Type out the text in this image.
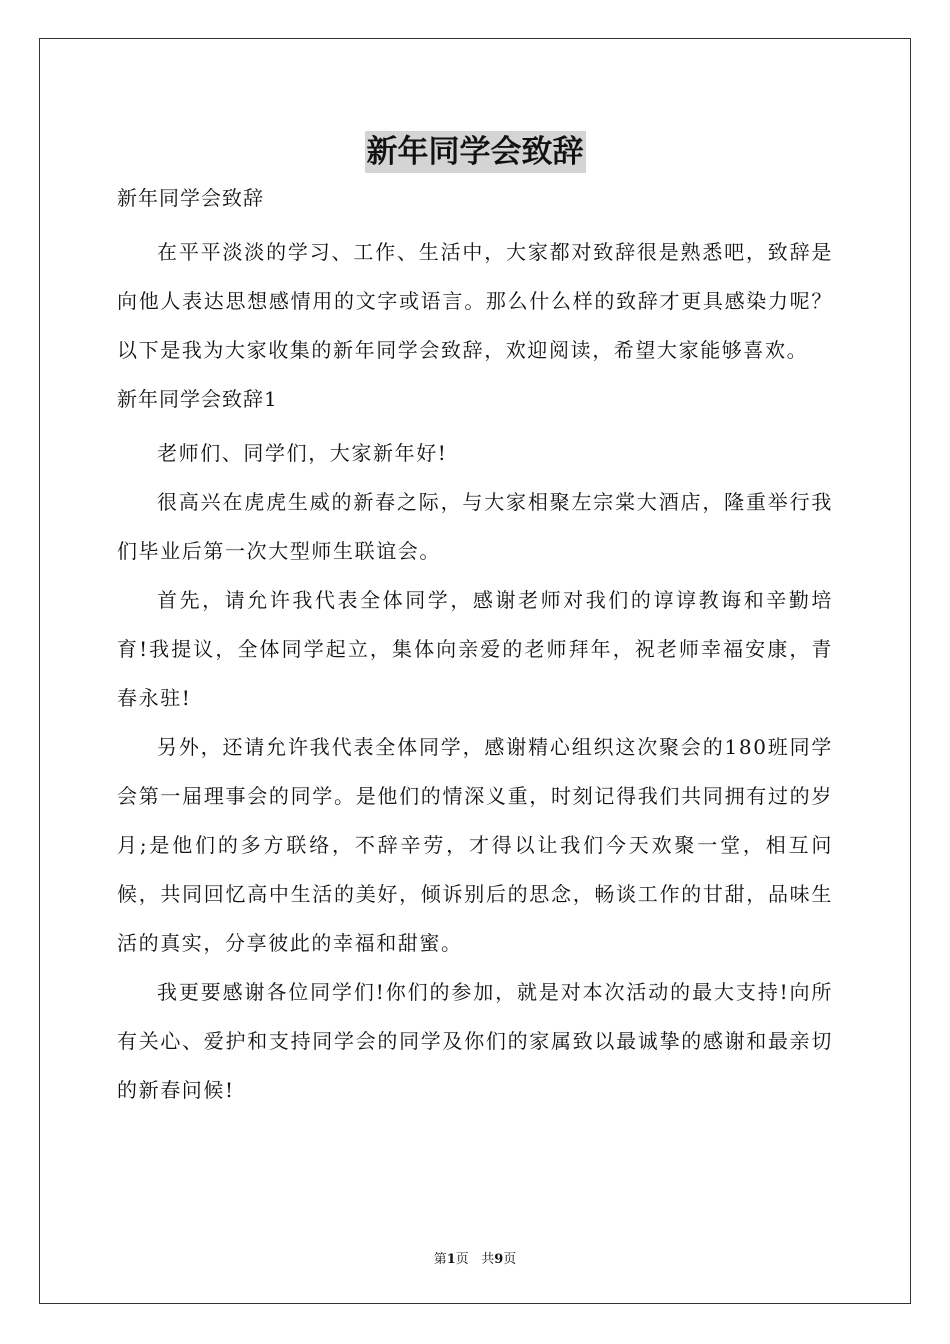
新年同学会致辞
新年同学会致辞

在平平淡淡的学习、工作、生活中，大家都对致辞很是熟悉吧，致辞是向他人表达思想感情用的文字或语言。那么什么样的致辞才更具感染力呢？以下是我为大家收集的新年同学会致辞，欢迎阅读，希望大家能够喜欢。

新年同学会致辞1

老师们、同学们，大家新年好!

很高兴在虎虎生威的新春之际，与大家相聚左宗棠大酒店，隆重举行我们毕业后第一次大型师生联谊会。

首先，请允许我代表全体同学，感谢老师对我们的谆谆教诲和辛勤培育!我提议，全体同学起立，集体向亲爱的老师拜年，祝老师幸福安康，青春永驻!

另外，还请允许我代表全体同学，感谢精心组织这次聚会的180班同学会第一届理事会的同学。是他们的情深义重，时刻记得我们共同拥有过的岁月;是他们的多方联络，不辞辛劳，才得以让我们今天欢聚一堂，相互问候，共同回忆高中生活的美好，倾诉别后的思念，畅谈工作的甘甜，品味生活的真实，分享彼此的幸福和甜蜜。

我更要感谢各位同学们!你们的参加，就是对本次活动的最大支持!向所有关心、爱护和支持同学会的同学及你们的家属致以最诚挚的感谢和最亲切的新春问候!

第1页 共9页
